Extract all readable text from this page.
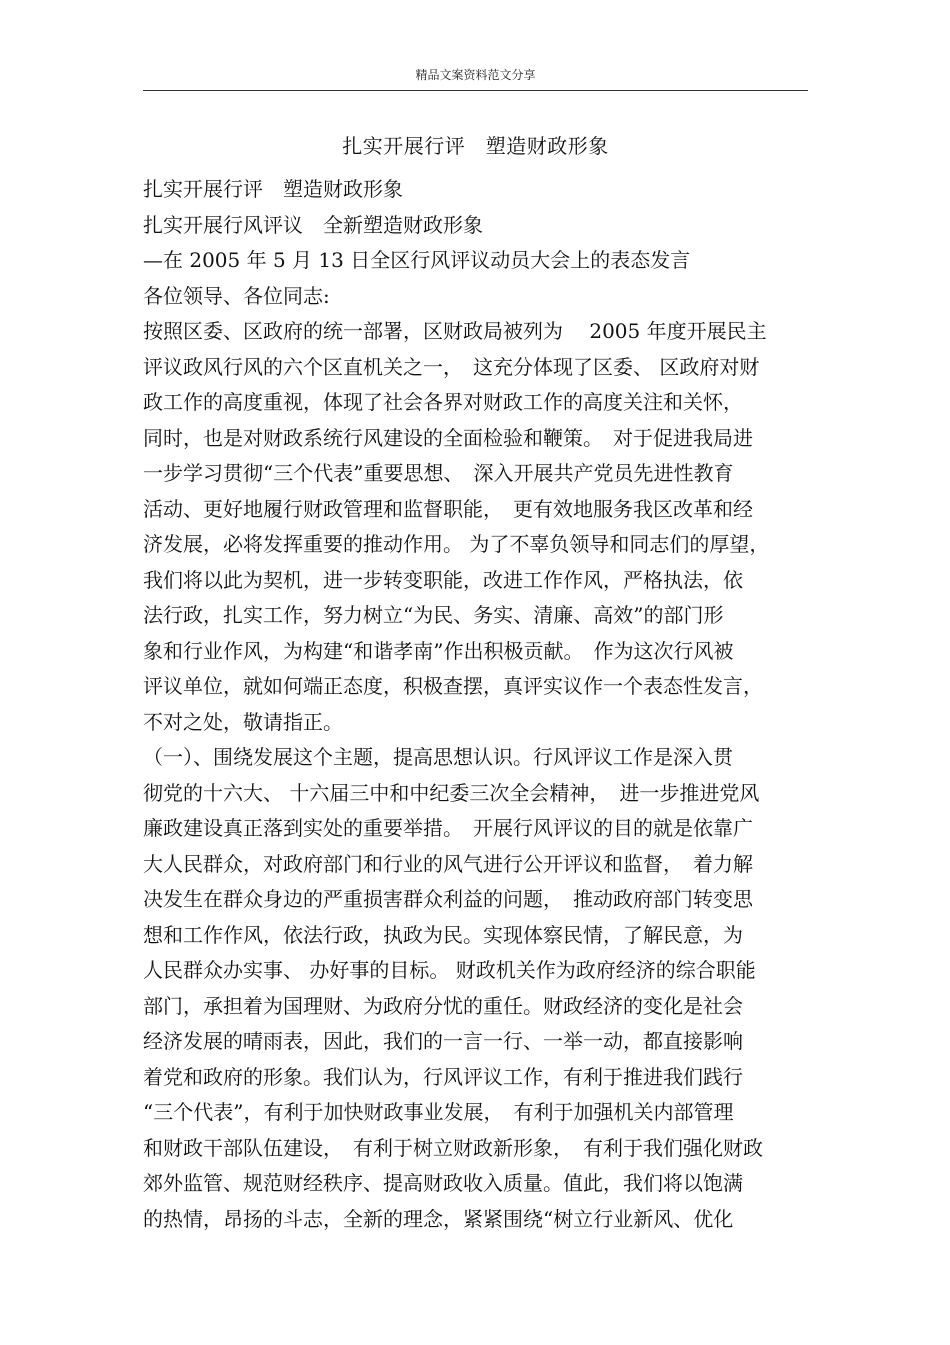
精品文案资料范文分享
扎实开展行评　塑造财政形象
扎实开展行评　塑造财政形象
扎实开展行风评议　全新塑造财政形象
—在 2005 年 5 月 13 日全区行风评议动员大会上的表态发言
各位领导、各位同志:
按照区委、区政府的统一部署，区财政局被列为　 2005 年度开展民主
评议政风行风的六个区直机关之一，　这充分体现了区委、 区政府对财
政工作的高度重视，体现了社会各界对财政工作的高度关注和关怀，
同时，也是对财政系统行风建设的全面检验和鞭策。　对于促进我局进
一步学习贯彻“三个代表”重要思想、　深入开展共产党员先进性教育
活动、更好地履行财政管理和监督职能，　更有效地服务我区改革和经
济发展，必将发挥重要的推动作用。 为了不辜负领导和同志们的厚望，
我们将以此为契机，进一步转变职能，改进工作作风，严格执法，依
法行政，扎实工作，努力树立“为民、务实、清廉、高效”的部门形
象和行业作风，为构建“和谐孝南”作出积极贡献。　作为这次行风被
评议单位，就如何端正态度，积极查摆，真评实议作一个表态性发言，
不对之处，敬请指正。
（一）、围绕发展这个主题，提高思想认识。行风评议工作是深入贯
彻党的十六大、 十六届三中和中纪委三次全会精神，　进一步推进党风
廉政建设真正落到实处的重要举措。　开展行风评议的目的就是依靠广
大人民群众，对政府部门和行业的风气进行公开评议和监督，　着力解
决发生在群众身边的严重损害群众利益的问题，　推动政府部门转变思
想和工作作风，依法行政，执政为民。实现体察民情，了解民意，为
人民群众办实事、 办好事的目标。 财政机关作为政府经济的综合职能
部门，承担着为国理财、为政府分忧的重任。财政经济的变化是社会
经济发展的晴雨表，因此，我们的一言一行、一举一动，都直接影响
着党和政府的形象。我们认为，行风评议工作，有利于推进我们践行
“三个代表”，有利于加快财政事业发展，　有利于加强机关内部管理
和财政干部队伍建设，　有利于树立财政新形象，　有利于我们强化财政
郊外监管、规范财经秩序、提高财政收入质量。值此，我们将以饱满
的热情，昂扬的斗志，全新的理念，紧紧围绕“树立行业新风、优化
